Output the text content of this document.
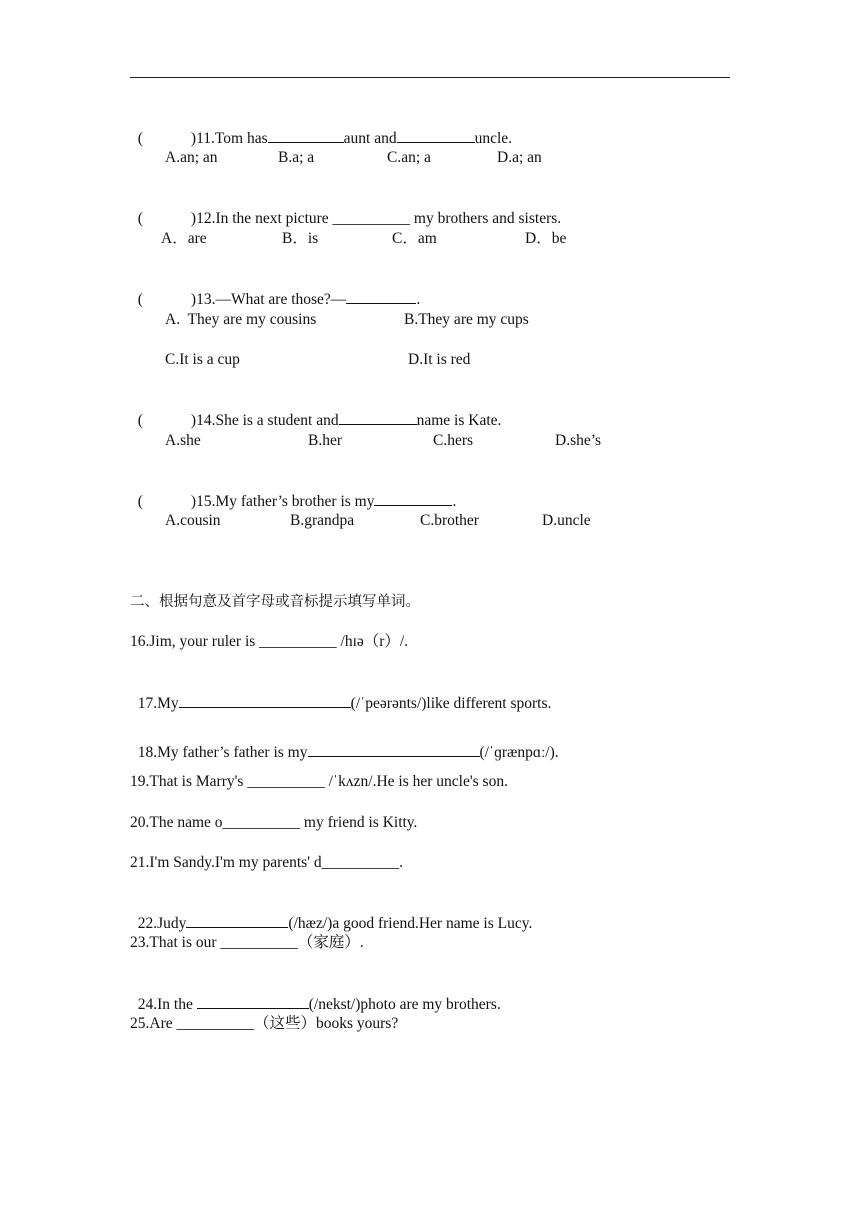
(	)11.Tom has	aunt and	uncle.

A.an; an	B.a; a	C.an; a	D.a; an

(	)12.In the next picture __________ my brothers and sisters.

A．are	B．is	C．am	D．be

(	)13.—What are those?—	.

A.  They are my cousins	B.They are my cups
C.It is a cup	D.It is red

(	)14.She is a student and	name is Kate.

A.she	B.her	C.hers	D.she’s

(	)15.My father’s brother is my	.

A.cousin	B.grandpa	C.brother	D.uncle
二、根据句意及首字母或音标提示填写单词。
16.Jim, your ruler is __________ /hɪə（r）/.

17.My	(/ˈpeərənts/)like different sports.

18.My father’s father is my	(/ˈɡrænpɑː/).

19.That is Marry's __________ /ˈkʌzn/.He is her uncle's son.
20.The name o__________ my friend is Kitty.
21.I'm Sandy.I'm my parents' d__________.

22.Judy	(/hæz/)a good friend.Her name is Lucy.

23.That is our __________（家庭）.

24.In the	(/nekst/)photo are my brothers.

25.Are __________（这些）books yours?
